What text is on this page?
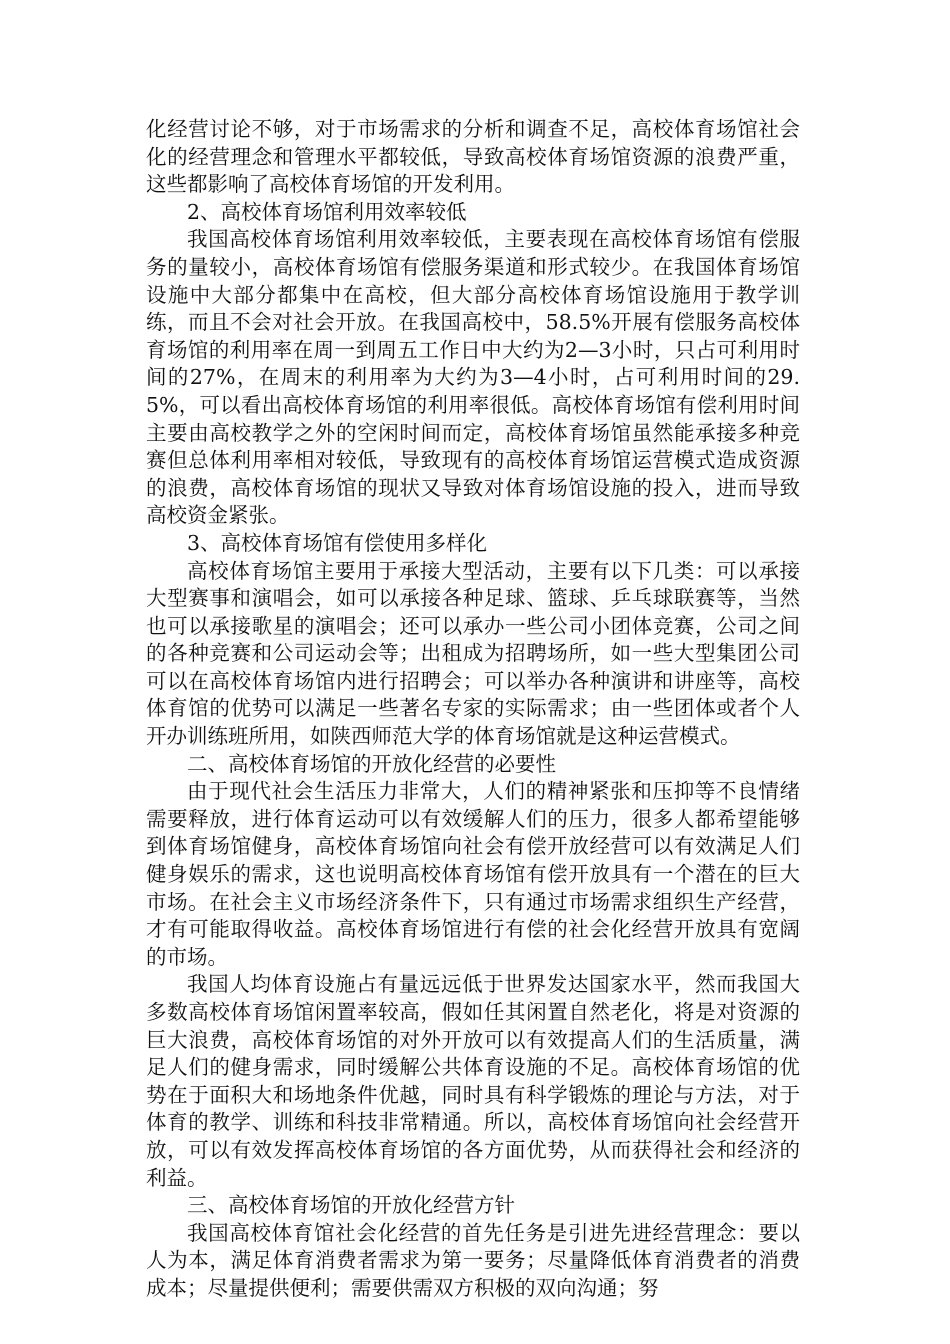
化经营讨论不够，对于市场需求的分析和调查不足，高校体育场馆社会化的经营理念和管理水平都较低，导致高校体育场馆资源的浪费严重，这些都影响了高校体育场馆的开发利用。

2、高校体育场馆利用效率较低

我国高校体育场馆利用效率较低，主要表现在高校体育场馆有偿服务的量较小，高校体育场馆有偿服务渠道和形式较少。在我国体育场馆设施中大部分都集中在高校，但大部分高校体育场馆设施用于教学训练，而且不会对社会开放。在我国高校中，58.5%开展有偿服务高校体育场馆的利用率在周一到周五工作日中大约为2—3小时，只占可利用时间的27%，在周末的利用率为大约为3—4小时，占可利用时间的29.5%，可以看出高校体育场馆的利用率很低。高校体育场馆有偿利用时间主要由高校教学之外的空闲时间而定，高校体育场馆虽然能承接多种竞赛但总体利用率相对较低，导致现有的高校体育场馆运营模式造成资源的浪费，高校体育场馆的现状又导致对体育场馆设施的投入，进而导致高校资金紧张。

3、高校体育场馆有偿使用多样化

高校体育场馆主要用于承接大型活动，主要有以下几类：可以承接大型赛事和演唱会，如可以承接各种足球、篮球、乒乓球联赛等，当然也可以承接歌星的演唱会；还可以承办一些公司小团体竞赛，公司之间的各种竞赛和公司运动会等；出租成为招聘场所，如一些大型集团公司可以在高校体育场馆内进行招聘会；可以举办各种演讲和讲座等，高校体育馆的优势可以满足一些著名专家的实际需求；由一些团体或者个人开办训练班所用，如陕西师范大学的体育场馆就是这种运营模式。

二、高校体育场馆的开放化经营的必要性

由于现代社会生活压力非常大，人们的精神紧张和压抑等不良情绪需要释放，进行体育运动可以有效缓解人们的压力，很多人都希望能够到体育场馆健身，高校体育场馆向社会有偿开放经营可以有效满足人们健身娱乐的需求，这也说明高校体育场馆有偿开放具有一个潜在的巨大市场。在社会主义市场经济条件下，只有通过市场需求组织生产经营，才有可能取得收益。高校体育场馆进行有偿的社会化经营开放具有宽阔的市场。

我国人均体育设施占有量远远低于世界发达国家水平，然而我国大多数高校体育场馆闲置率较高，假如任其闲置自然老化，将是对资源的巨大浪费，高校体育场馆的对外开放可以有效提高人们的生活质量，满足人们的健身需求，同时缓解公共体育设施的不足。高校体育场馆的优势在于面积大和场地条件优越，同时具有科学锻炼的理论与方法，对于体育的教学、训练和科技非常精通。所以，高校体育场馆向社会经营开放，可以有效发挥高校体育场馆的各方面优势，从而获得社会和经济的利益。

三、高校体育场馆的开放化经营方针

我国高校体育馆社会化经营的首先任务是引进先进经营理念：要以人为本，满足体育消费者需求为第一要务；尽量降低体育消费者的消费成本；尽量提供便利；需要供需双方积极的双向沟通；努
